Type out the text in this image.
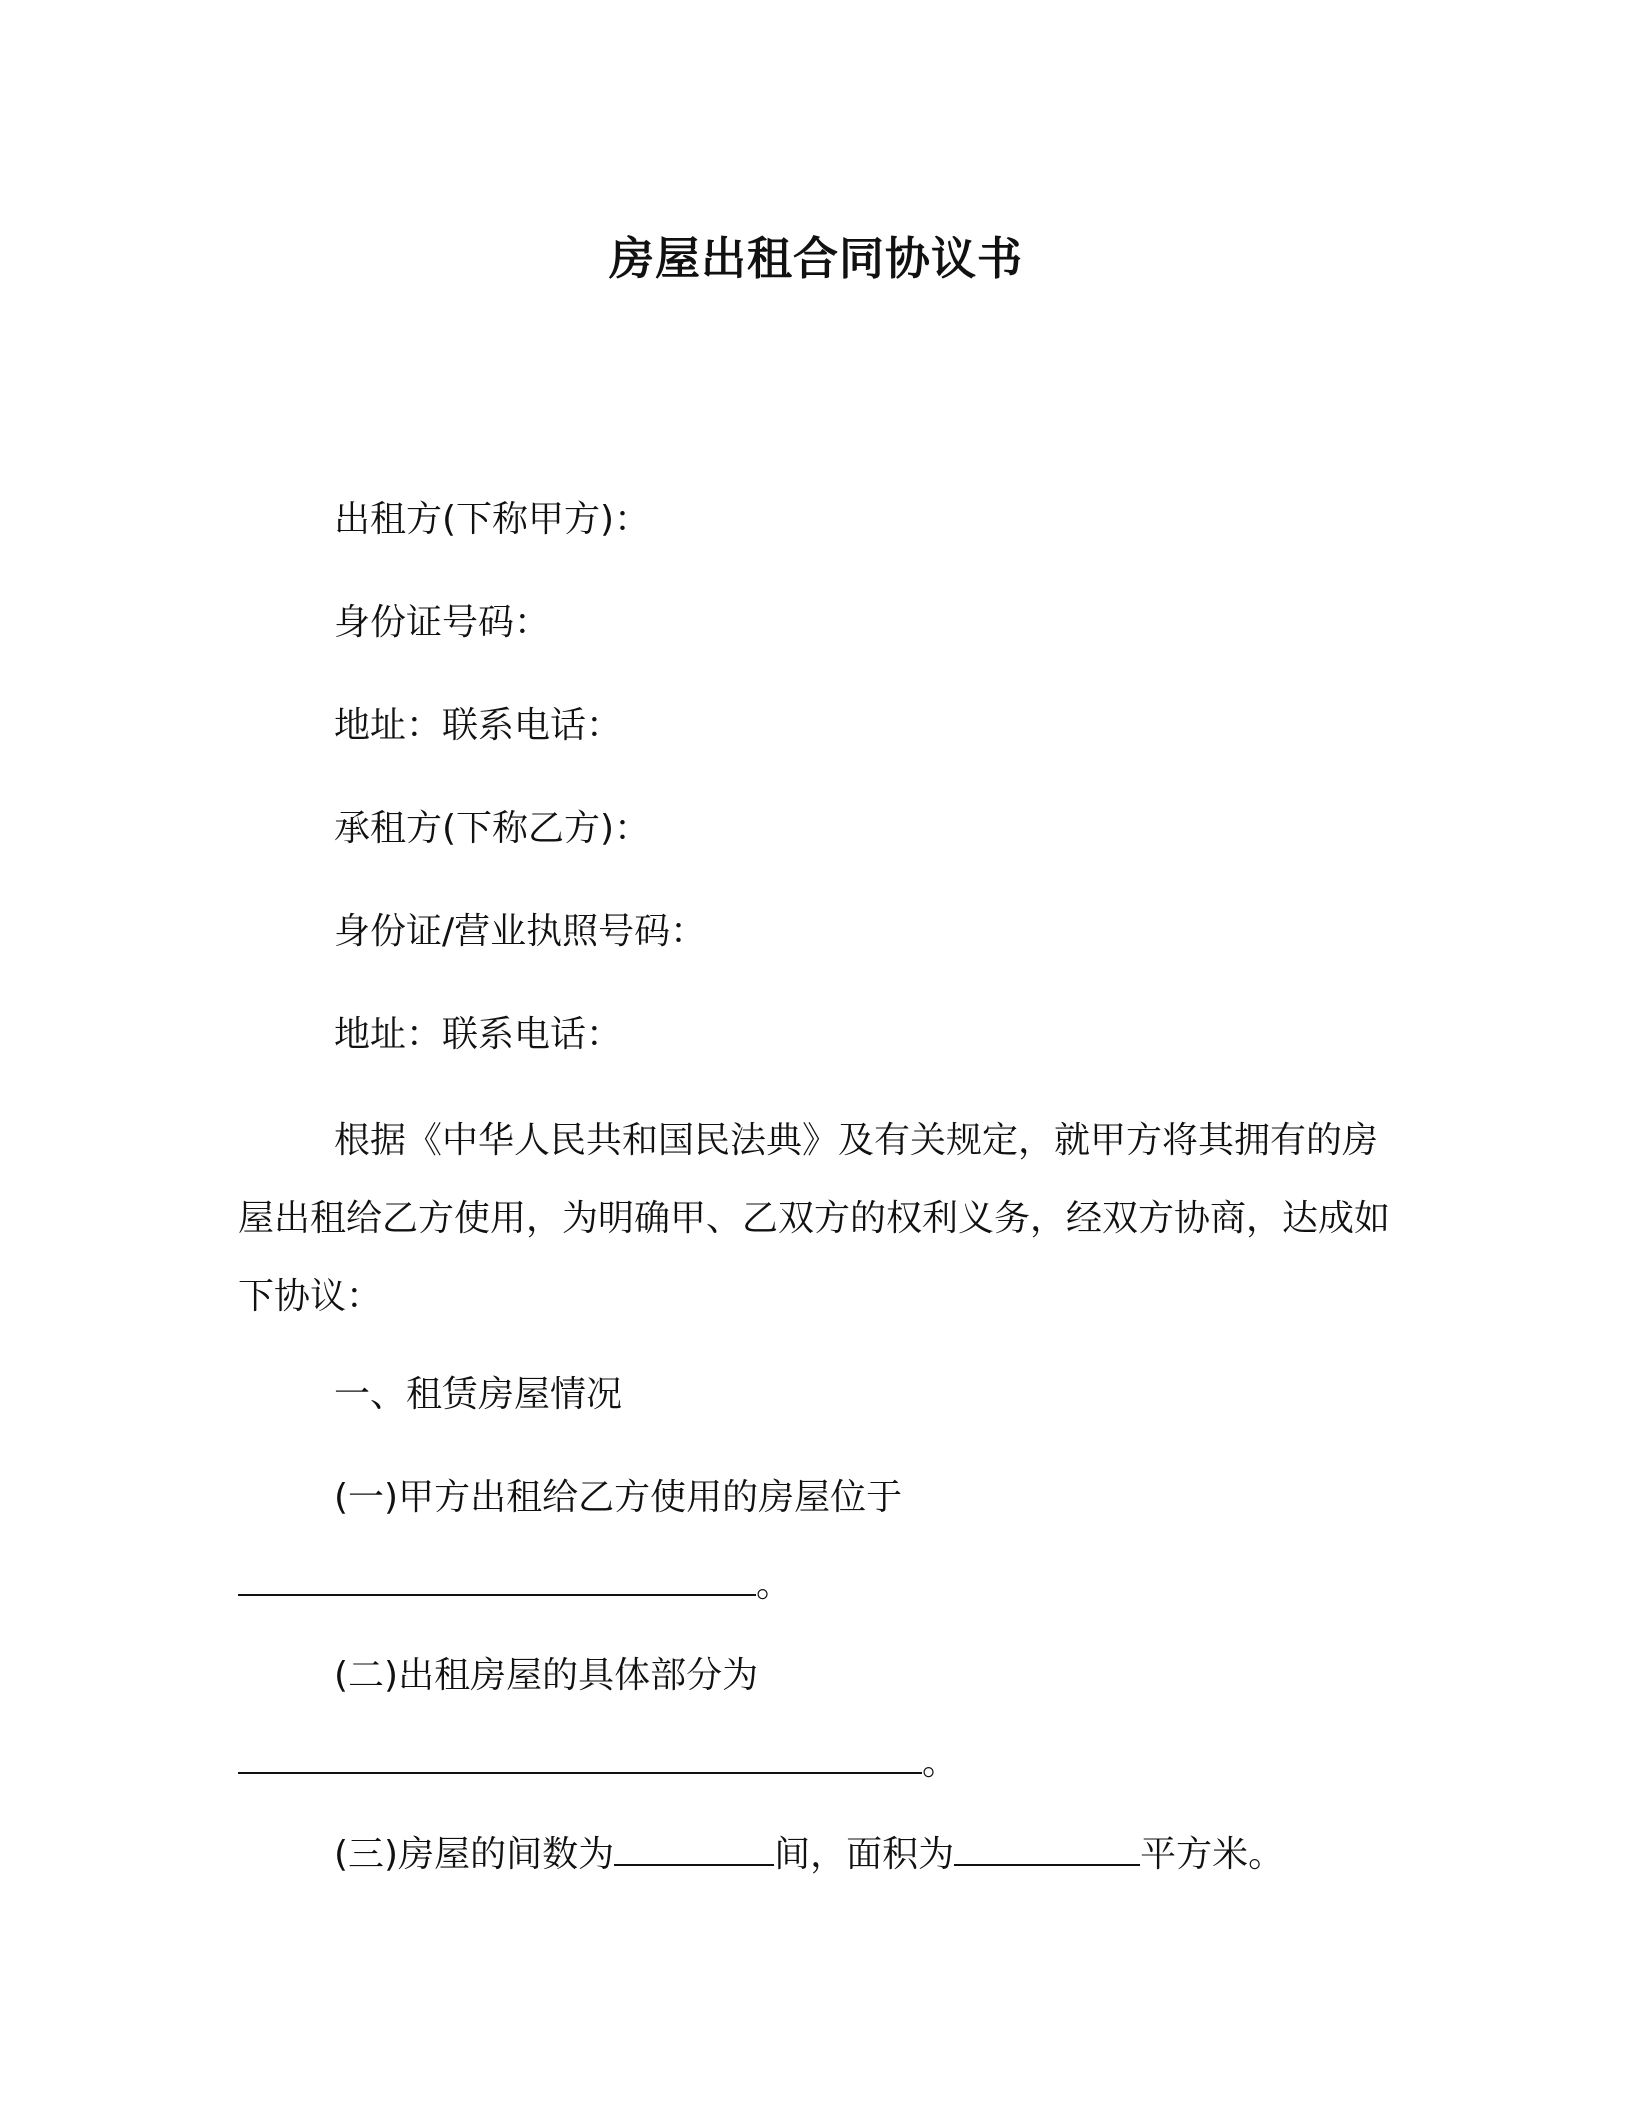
房屋出租合同协议书
出租方(下称甲方)：
身份证号码：
地址：联系电话：
承租方(下称乙方)：
身份证/营业执照号码：
地址：联系电话：
根据《中华人民共和国民法典》及有关规定，就甲方将其拥有的房屋出租给乙方使用，为明确甲、乙双方的权利义务，经双方协商，达成如下协议：
一、租赁房屋情况
(一)甲方出租给乙方使用的房屋位于
。
(二)出租房屋的具体部分为
。
(三)房屋的间数为	间，面积为	平方米。
